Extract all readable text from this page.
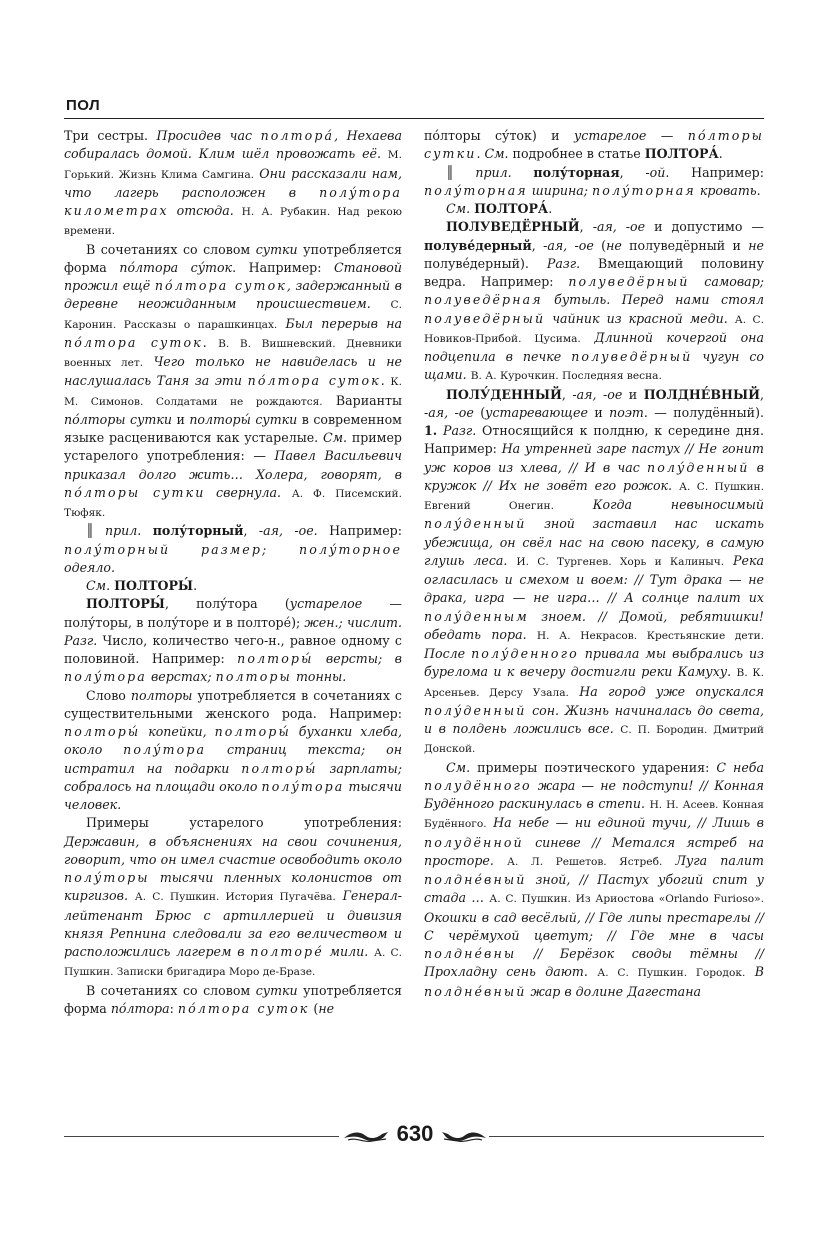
ПОЛ

Три сестры. Просидев час полтора́, Нехаева собиралась домой. Клим шёл провожать её. М. Горький. Жизнь Клима Самгина. Они рассказали нам, что лагерь расположен в полу́тора километрах отсюда. Н. А. Рубакин. Над рекою времени.

В сочетаниях со словом сутки употребляется форма по́лтора су́ток. Например: Становой прожил ещё по́лтора суток, задержанный в деревне неожиданным происшествием. С. Каронин. Рассказы о парашкинцах. Был перерыв на по́лтора суток. В. В. Вишневский. Дневники военных лет. Чего только не навиделась и не наслушалась Таня за эти по́лтора суток. К. М. Симонов. Солдатами не рождаются. Варианты по́лторы сутки и полторы́ сутки в современном языке расцениваются как устарелые. См. пример устарелого употребления: — Павел Васильевич приказал долго жить… Холера, говорят, в по́лторы сутки свернула. А. Ф. Писемский. Тюфяк.

║ прил. полу́торный, -ая, -ое. Например: полу́торный размер; полу́торное одеяло.

См. ПОЛТОРЫ́.

ПОЛТОРЫ́, полу́тора (устарелое — полу́торы, в полу́торе и в полторе́); жен.; числит. Разг. Число, количество чего-н., равное одному с половиной. Например: полторы́ версты; в полу́тора верстах; полторы тонны.

Слово полторы употребляется в сочетаниях с существительными женского рода. Например: полторы́ копейки, полторы́ буханки хлеба, около полу́тора страниц текста; он истратил на подарки полторы́ зарплаты; собралось на площади около полу́тора тысячи человек.

Примеры устарелого употребления: Державин, в объяснениях на свои сочинения, говорит, что он имел счастие освободить около полу́торы тысячи пленных колонистов от киргизов. А. С. Пушкин. История Пугачёва. Генерал-лейтенант Брюс с артиллерией и дивизия князя Репнина следовали за его величеством и расположились лагерем в полторе́ мили. А. С. Пушкин. Записки бригадира Моро де-Бразе.

В сочетаниях со словом сутки употребляется форма по́лтора: по́лтора суток (не

по́лторы су́ток) и устарелое — по́лторы сутки. См. подробнее в статье ПОЛТОРА́.

║ прил. полу́торная, -ой. Например: полу́торная ширина; полу́торная кровать.

См. ПОЛТОРА́.

ПОЛУВЕДЁРНЫЙ, -ая, -ое и допустимо — полуве́дерный, -ая, -ое (не полуведёрный и не полуве́дерный). Разг. Вмещающий половину ведра. Например: полуведёрный самовар; полуведёрная бутыль. Перед нами стоял полуведёрный чайник из красной меди. А. С. Новиков-Прибой. Цусима. Длинной кочергой она подцепила в печке полуведёрный чугун со щами. В. А. Курочкин. Последняя весна.

ПОЛУ́ДЕННЫЙ, -ая, -ое и ПОЛДНЕ́ВНЫЙ, -ая, -ое (устаревающее и поэт. — полудённый). 1. Разг. Относящийся к полдню, к середине дня. Например: На утренней заре пастух // Не гонит уж коров из хлева, // И в час полу́денный в кружок // Их не зовёт его рожок. А. С. Пушкин. Евгений Онегин.	Когда невыносимый полу́денный зной заставил нас искать убежища, он свёл нас на свою пасеку, в самую глушь леса. И. С. Тургенев. Хорь и Калиныч. Река огласилась и смехом и воем: // Тут драка — не драка, игра — не игра… // А солнце палит их полу́денным зноем. // Домой, ребятишки! обедать пора. Н. А. Некрасов. Крестьянские дети. После полу́денного привала мы выбрались из бурелома и к вечеру достигли реки Камуху. В. К. Арсеньев. Дерсу Узала. На город уже опускался полу́денный сон. Жизнь начиналась до света, и в полдень ложились все. С. П. Бородин. Дмитрий Донской.

См. примеры поэтического ударения: С неба полудённого жара — не подступи! // Конная Будённого раскинулась в степи. Н. Н. Асеев. Конная Будённого. На небе — ни единой тучи, // Лишь в полудённой синеве // Метался ястреб на просторе. А. Л. Решетов. Ястреб. Луга палит полдне́вный зной, // Пастух убогий спит у стада … А. С. Пушкин. Из Ариостова «Orlando Furioso». Окошки в сад весёлый, // Где липы престарелы // С черёмухой цветут; // Где мне в часы полдне́вны // Берёзок своды тёмны // Прохладну сень дают. А. С. Пушкин. Городок. В полдне́вный жар в долине Дагестана

630
